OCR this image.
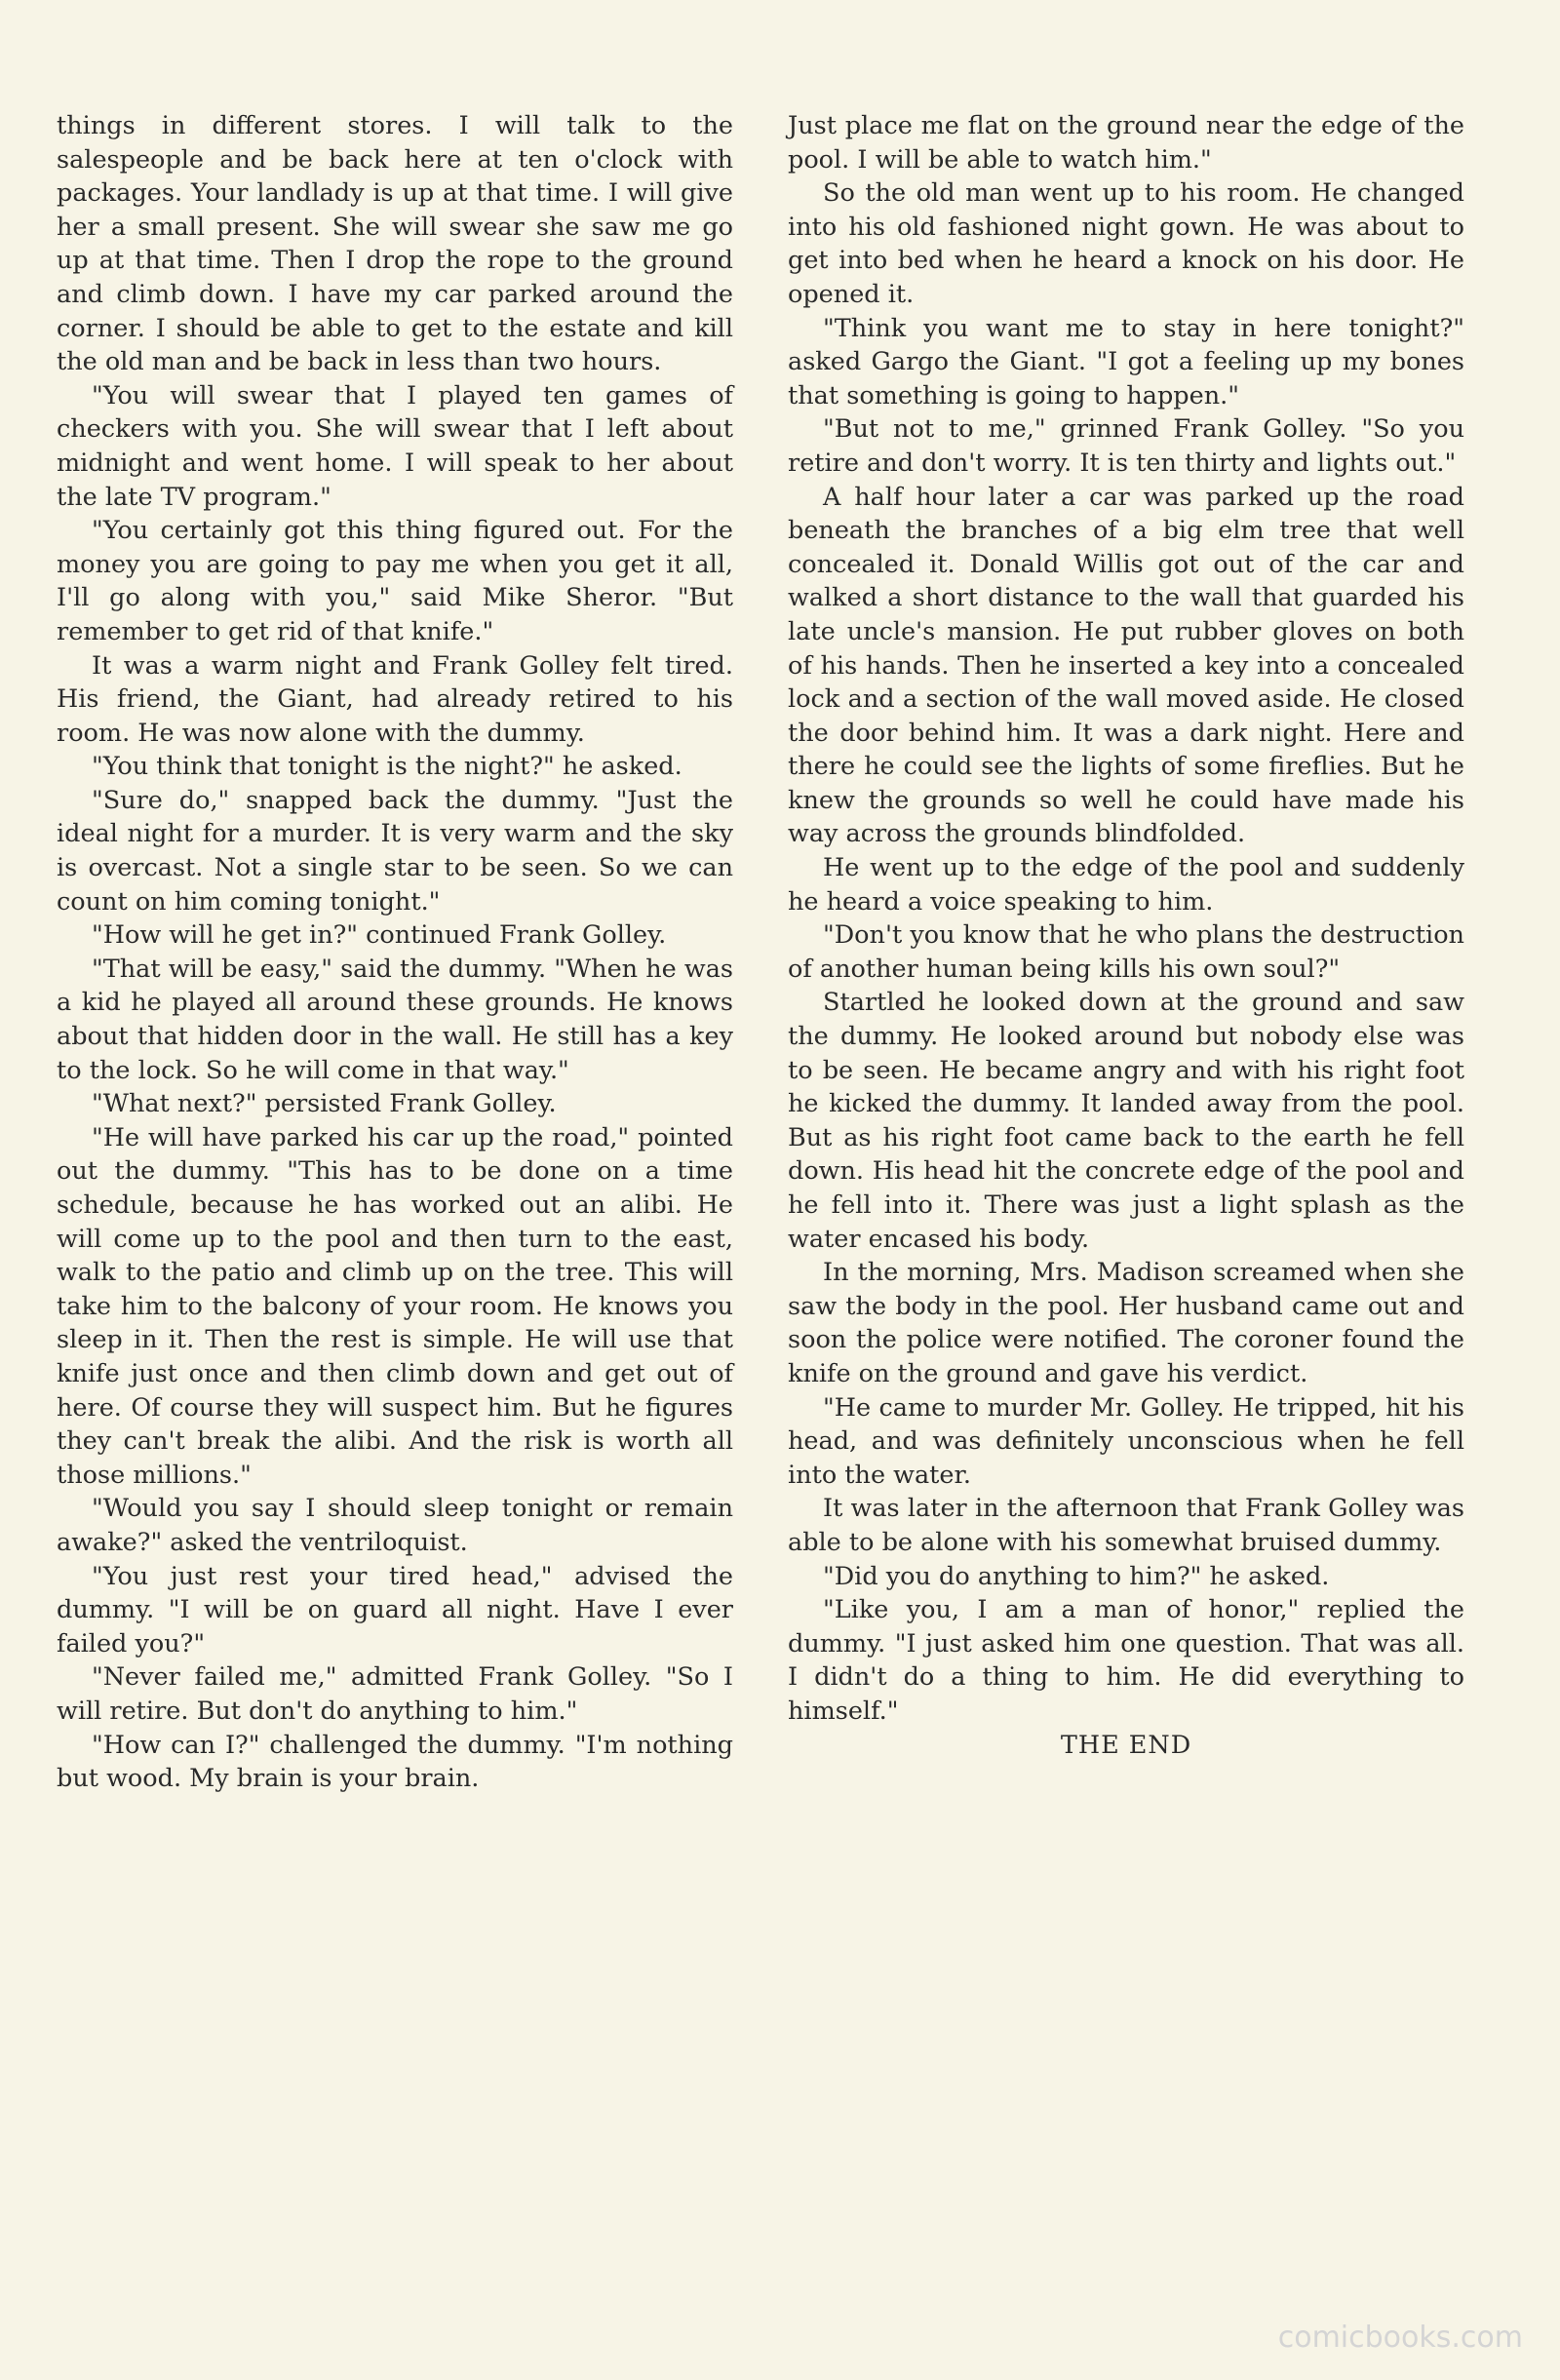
things in different stores. I will talk to the salespeople and be back here at ten o'clock with packages. Your landlady is up at that time. I will give her a small present. She will swear she saw me go up at that time. Then I drop the rope to the ground and climb down. I have my car parked around the corner. I should be able to get to the estate and kill the old man and be back in less than two hours.

"You will swear that I played ten games of checkers with you. She will swear that I left about midnight and went home. I will speak to her about the late TV program."

"You certainly got this thing figured out. For the money you are going to pay me when you get it all, I'll go along with you," said Mike Sheror. "But remember to get rid of that knife."

It was a warm night and Frank Golley felt tired. His friend, the Giant, had already retired to his room. He was now alone with the dummy.

"You think that tonight is the night?" he asked.

"Sure do," snapped back the dummy. "Just the ideal night for a murder. It is very warm and the sky is overcast. Not a single star to be seen. So we can count on him coming tonight."

"How will he get in?" continued Frank Golley.

"That will be easy," said the dummy. "When he was a kid he played all around these grounds. He knows about that hidden door in the wall. He still has a key to the lock. So he will come in that way."

"What next?" persisted Frank Golley.

"He will have parked his car up the road," pointed out the dummy. "This has to be done on a time schedule, because he has worked out an alibi. He will come up to the pool and then turn to the east, walk to the patio and climb up on the tree. This will take him to the balcony of your room. He knows you sleep in it. Then the rest is simple. He will use that knife just once and then climb down and get out of here. Of course they will suspect him. But he figures they can't break the alibi. And the risk is worth all those millions."

"Would you say I should sleep tonight or remain awake?" asked the ventriloquist.

"You just rest your tired head," advised the dummy. "I will be on guard all night. Have I ever failed you?"

"Never failed me," admitted Frank Golley. "So I will retire. But don't do anything to him."

"How can I?" challenged the dummy. "I'm nothing but wood. My brain is your brain.

Just place me flat on the ground near the edge of the pool. I will be able to watch him."

So the old man went up to his room. He changed into his old fashioned night gown. He was about to get into bed when he heard a knock on his door. He opened it.

"Think you want me to stay in here tonight?" asked Gargo the Giant. "I got a feeling up my bones that something is going to happen."

"But not to me," grinned Frank Golley. "So you retire and don't worry. It is ten thirty and lights out."

A half hour later a car was parked up the road beneath the branches of a big elm tree that well concealed it. Donald Willis got out of the car and walked a short distance to the wall that guarded his late uncle's mansion. He put rubber gloves on both of his hands. Then he inserted a key into a concealed lock and a section of the wall moved aside. He closed the door behind him. It was a dark night. Here and there he could see the lights of some fireflies. But he knew the grounds so well he could have made his way across the grounds blindfolded.

He went up to the edge of the pool and suddenly he heard a voice speaking to him.

"Don't you know that he who plans the destruction of another human being kills his own soul?"

Startled he looked down at the ground and saw the dummy. He looked around but nobody else was to be seen. He became angry and with his right foot he kicked the dummy. It landed away from the pool. But as his right foot came back to the earth he fell down. His head hit the concrete edge of the pool and he fell into it. There was just a light splash as the water encased his body.

In the morning, Mrs. Madison screamed when she saw the body in the pool. Her husband came out and soon the police were notified. The coroner found the knife on the ground and gave his verdict.

"He came to murder Mr. Golley. He tripped, hit his head, and was definitely unconscious when he fell into the water.

It was later in the afternoon that Frank Golley was able to be alone with his somewhat bruised dummy.

"Did you do anything to him?" he asked.

"Like you, I am a man of honor," replied the dummy. "I just asked him one question. That was all. I didn't do a thing to him. He did everything to himself."

THE END

comicbooks.com
